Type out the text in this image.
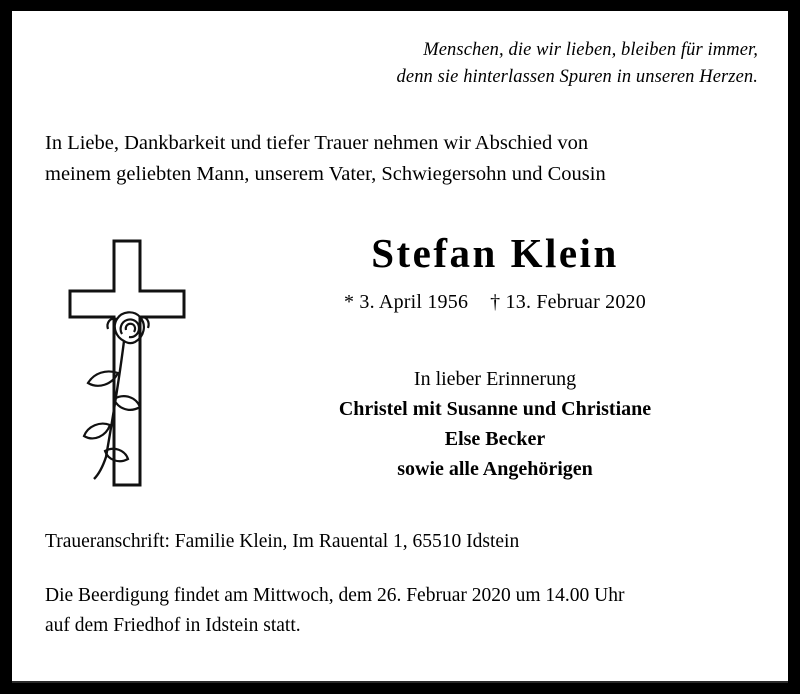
Menschen, die wir lieben, bleiben für immer,
denn sie hinterlassen Spuren in unseren Herzen.
In Liebe, Dankbarkeit und tiefer Trauer nehmen wir Abschied von
meinem geliebten Mann, unserem Vater, Schwiegersohn und Cousin
Stefan Klein
* 3. April 1956 † 13. Februar 2020
In lieber Erinnerung
Christel mit Susanne und Christiane
Else Becker
sowie alle Angehörigen
Traueranschrift: Familie Klein, Im Rauental 1, 65510 Idstein
Die Beerdigung findet am Mittwoch, dem 26. Februar 2020 um 14.00 Uhr
auf dem Friedhof in Idstein statt.
